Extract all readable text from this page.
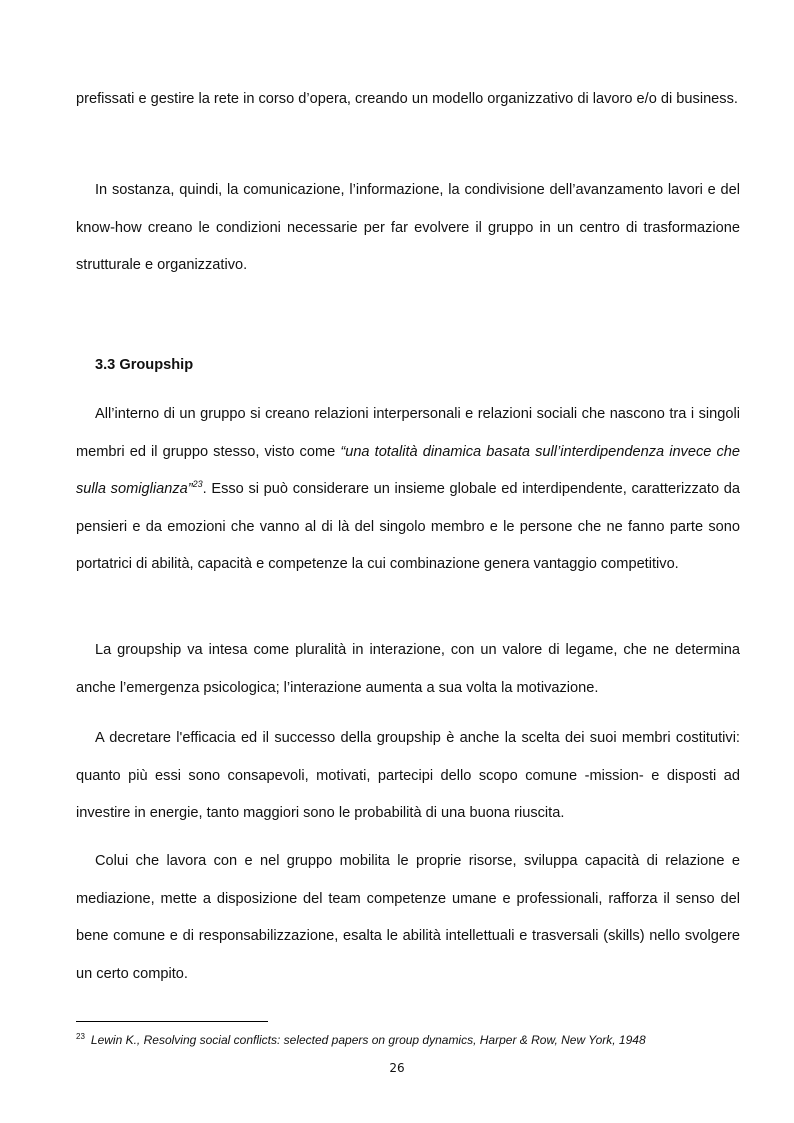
prefissati e gestire la rete in corso d’opera, creando un modello organizzativo di lavoro e/o di business.

In sostanza, quindi, la comunicazione, l’informazione, la condivisione dell’avanzamento lavori e del know-how creano le condizioni necessarie per far evolvere il gruppo in un centro di trasformazione strutturale e organizzativo.

3.3 Groupship

All’interno di un gruppo si creano relazioni interpersonali e relazioni sociali che nascono tra i singoli membri ed il gruppo stesso, visto come “una totalità dinamica basata sull’interdipendenza invece che sulla somiglianza”$^{23}$. Esso si può considerare un insieme globale ed interdipendente, caratterizzato da pensieri e da emozioni che vanno al di là del singolo membro e le persone che ne fanno parte sono portatrici di abilità, capacità e competenze la cui combinazione genera vantaggio competitivo.

La groupship va intesa come pluralità in interazione, con un valore di legame, che ne determina anche l’emergenza psicologica; l’interazione aumenta a sua volta la motivazione.

A decretare l'efficacia ed il successo della groupship è anche la scelta dei suoi membri costitutivi: quanto più essi sono consapevoli, motivati, partecipi dello scopo comune -mission- e disposti ad investire in energie, tanto maggiori sono le probabilità di una buona riuscita.

Colui che lavora con e nel gruppo mobilita le proprie risorse, sviluppa capacità di relazione e mediazione, mette a disposizione del team competenze umane e professionali, rafforza il senso del bene comune e di responsabilizzazione, esalta le abilità intellettuali e trasversali (skills) nello svolgere un certo compito.

$^{23}$ Lewin K., Resolving social conflicts: selected papers on group dynamics, Harper & Row, New York, 1948

26
